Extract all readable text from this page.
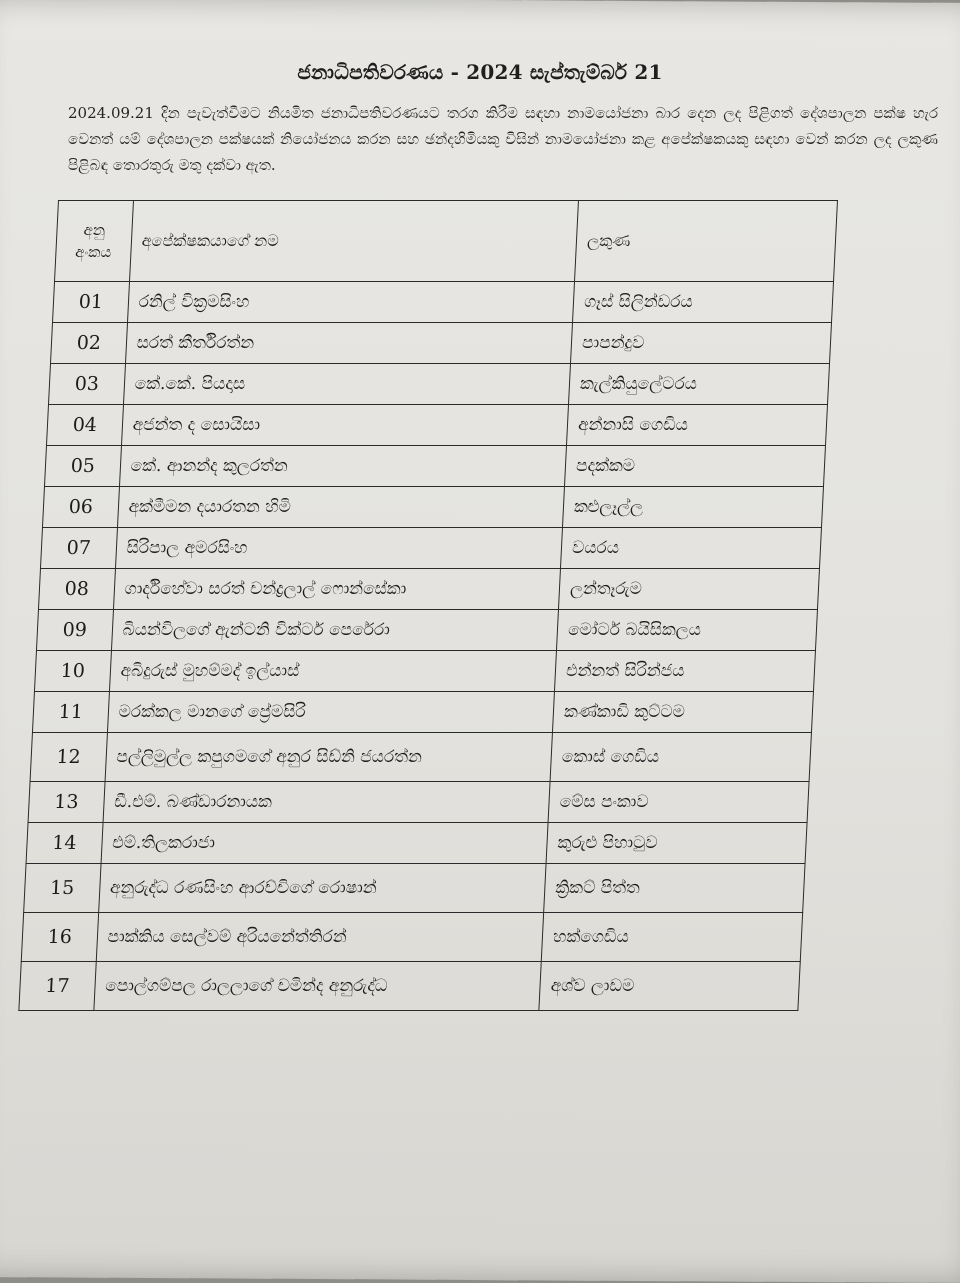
ජනාධිපතිවරණය - 2024 සැප්තැම්බර් 21
2024.09.21 දින පැවැත්වීමට නියමිත ජනාධිපතිවරණයට තරග කිරීම සඳහා නාමයෝජනා බාර දෙන ලද පිළිගත් දේශපාලන පක්ෂ හැර වෙනත් යම් දේශපාලන පක්ෂයක් නියෝජනය කරන සහ ඡන්දහිමියකු විසින් නාමයෝජනා කළ අපේක්ෂකයකු සඳහා වෙන් කරන ලද ලකුණ පිළිබඳ තොරතුරු මතු දක්වා ඇත.
අනු අංකය	අපේක්ෂකයාගේ නම	ලකුණ
01	රනිල් වික්‍රමසිංහ	ගෑස් සිලින්ඩරය
02	සරත් කීර්තිරත්න	පාපන්දුව
03	කේ.කේ. පියදාස	කැල්කියුලේටරය
04	අජන්ත ද සොයිසා	අන්නාසි ගෙඩිය
05	කේ. ආනන්ද කුලරත්න	පදක්කම
06	අක්මීමන දයාරතන හිමි	කළුලෑල්ල
07	සිරිපාල අමරසිංහ	වයරය
08	ගාර්දිහේවා සරත් චන්ද්‍රලාල් ෆොන්සේකා	ලන්තෑරුම
09	බියන්විලගේ ඇන්ටනි වික්ටර් පෙරේරා	මෝටර් බයිසිකලය
10	අබිදුරුස් මුහම්මද් ඉල්යාස්	එන්නත් සිරින්ජය
11	මරක්කල මානගේ ප්‍රේමසිරි	කණ්කාඩි කුට්ටම
12	පල්ලිමුල්ල කපුගමගේ අනුර සිඩ්නි ජයරත්න	කොස් ගෙඩිය
13	ඩී.එම්. බණ්ඩාරනායක	මේස පංකාව
14	එම්.තිලකරාජා	කුරුළු පිහාටුව
15	අනුරුද්ධ රණසිංහ ආරච්චිගේ රොෂාන්	ක්‍රිකට් පිත්ත
16	පාක්කිය සෙල්වම් අරියනේත්තිරන්	හක්ගෙඩිය
17	පොල්ගම්පල රාලලාගේ චමින්ද අනුරුද්ධ	අශ්ව ලාඩම
